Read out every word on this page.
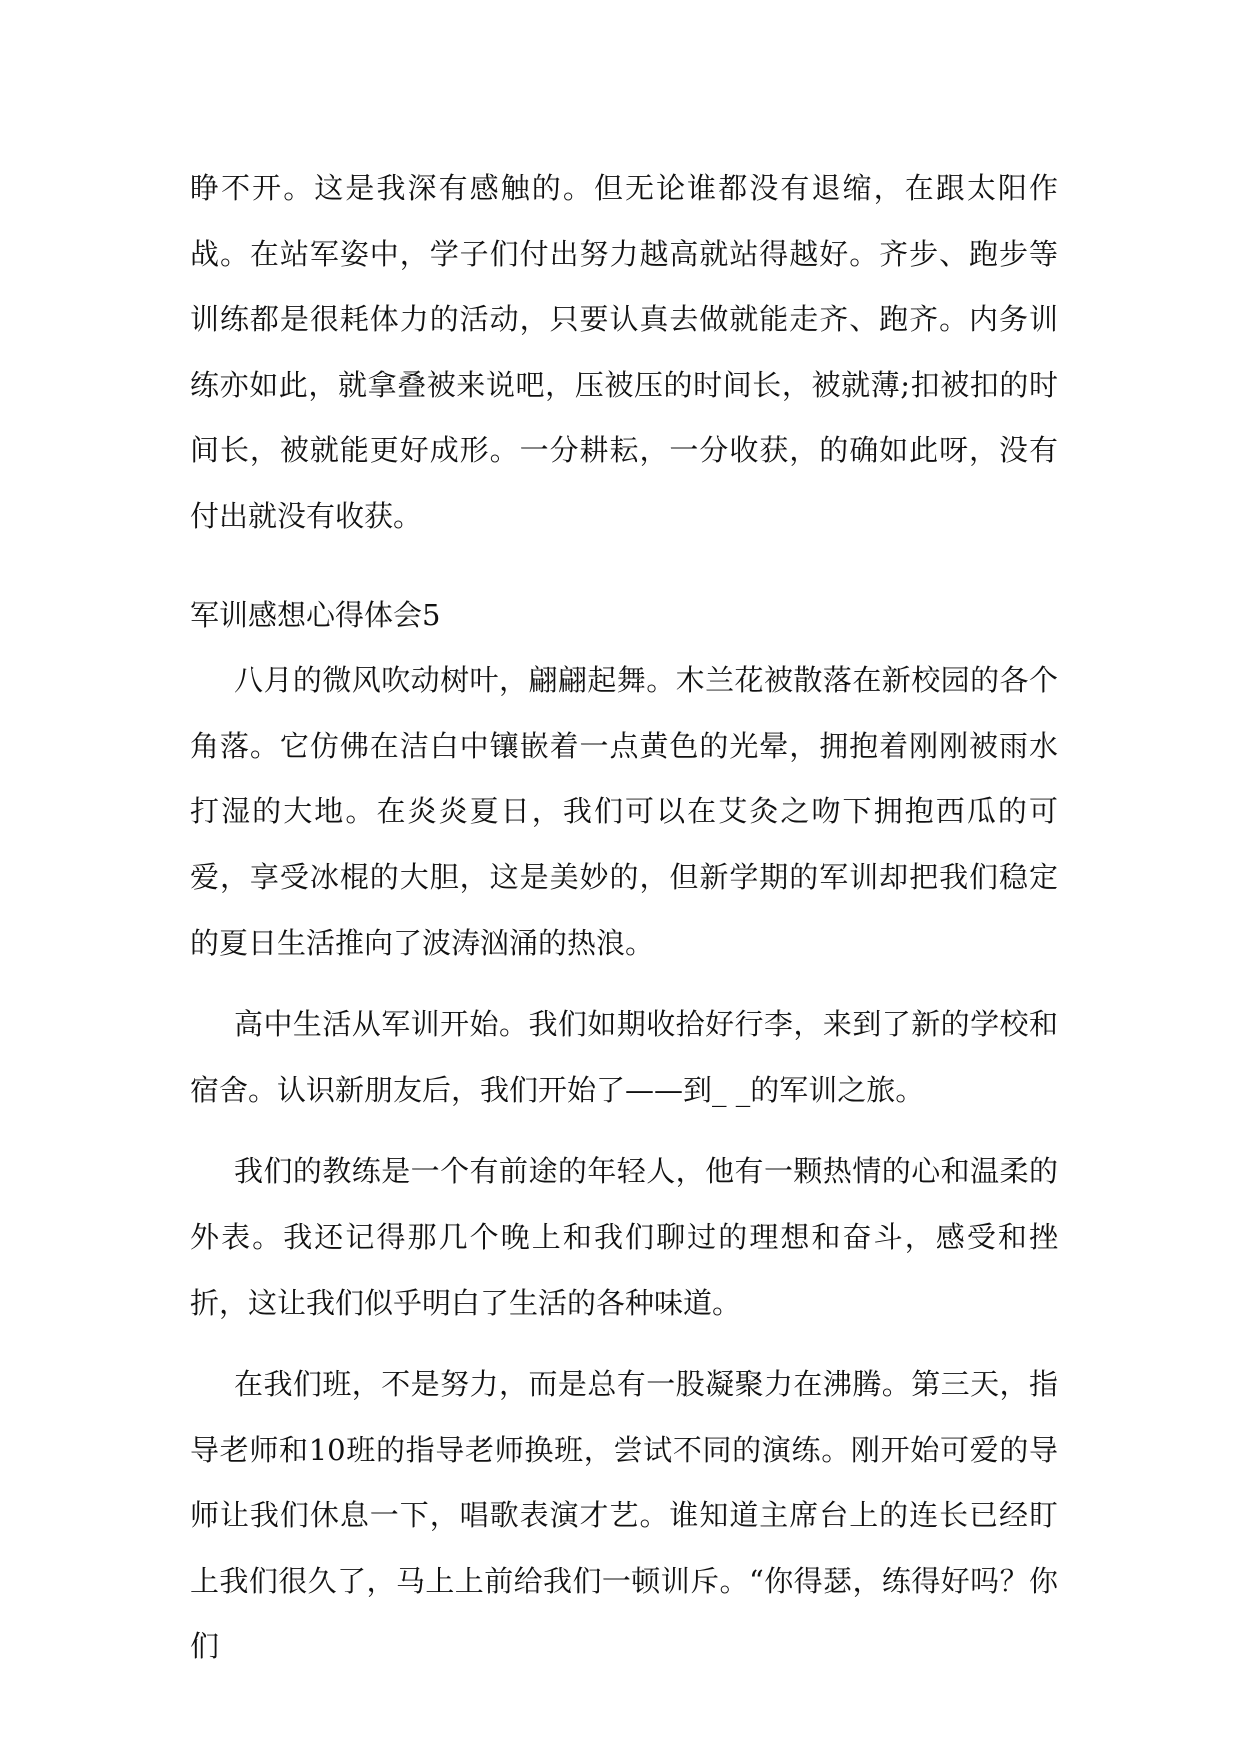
睁不开。这是我深有感触的。但无论谁都没有退缩，在跟太阳作战。在站军姿中，学子们付出努力越高就站得越好。齐步、跑步等训练都是很耗体力的活动，只要认真去做就能走齐、跑齐。内务训练亦如此，就拿叠被来说吧，压被压的时间长，被就薄;扣被扣的时间长，被就能更好成形。一分耕耘，一分收获，的确如此呀，没有付出就没有收获。

军训感想心得体会5

八月的微风吹动树叶，翩翩起舞。木兰花被散落在新校园的各个角落。它仿佛在洁白中镶嵌着一点黄色的光晕，拥抱着刚刚被雨水打湿的大地。在炎炎夏日，我们可以在艾灸之吻下拥抱西瓜的可爱，享受冰棍的大胆，这是美妙的，但新学期的军训却把我们稳定的夏日生活推向了波涛汹涌的热浪。

高中生活从军训开始。我们如期收拾好行李，来到了新的学校和宿舍。认识新朋友后，我们开始了——到_ _的军训之旅。

我们的教练是一个有前途的年轻人，他有一颗热情的心和温柔的外表。我还记得那几个晚上和我们聊过的理想和奋斗，感受和挫折，这让我们似乎明白了生活的各种味道。

在我们班，不是努力，而是总有一股凝聚力在沸腾。第三天，指导老师和10班的指导老师换班，尝试不同的演练。刚开始可爱的导师让我们休息一下，唱歌表演才艺。谁知道主席台上的连长已经盯上我们很久了，马上上前给我们一顿训斥。“你得瑟，练得好吗？你们
